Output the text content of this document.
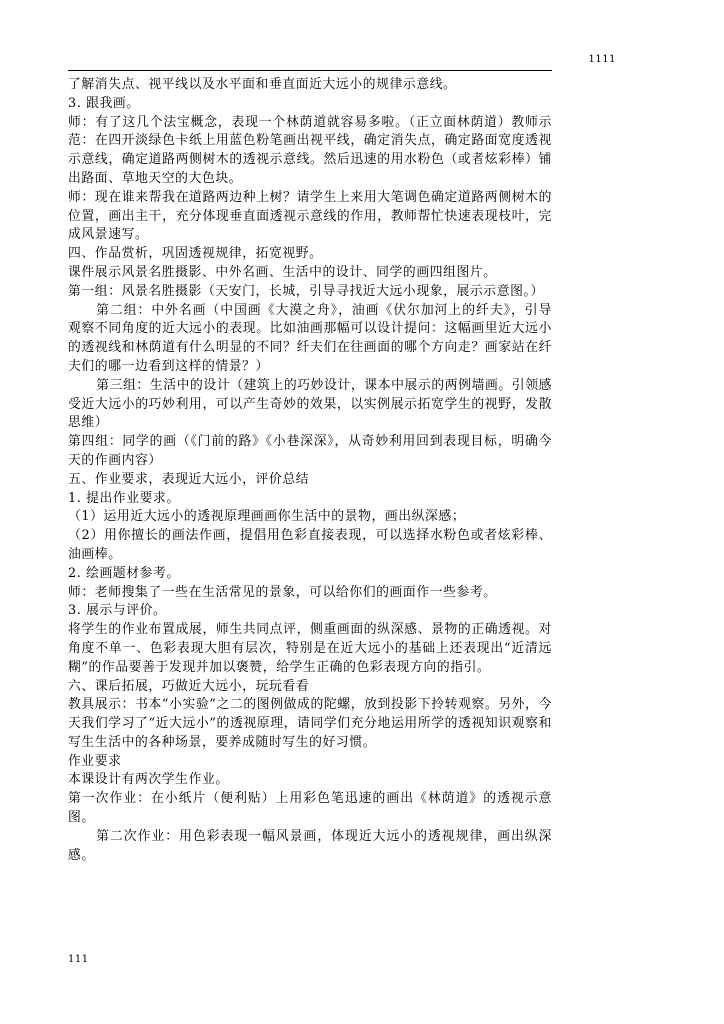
1111

了解消失点、视平线以及水平面和垂直面近大远小的规律示意线。

3. 跟我画。

师：有了这几个法宝概念，表现一个林荫道就容易多啦。（正立面林荫道）教师示范：在四开淡绿色卡纸上用蓝色粉笔画出视平线，确定消失点，确定路面宽度透视示意线，确定道路两侧树木的透视示意线。然后迅速的用水粉色（或者炫彩棒）铺出路面、草地天空的大色块。

师：现在谁来帮我在道路两边种上树？请学生上来用大笔调色确定道路两侧树木的位置，画出主干，充分体现垂直面透视示意线的作用，教师帮忙快速表现枝叶，完成风景速写。

四、作品赏析，巩固透视规律，拓宽视野。

课件展示风景名胜摄影、中外名画、生活中的设计、同学的画四组图片。

第一组：风景名胜摄影（天安门，长城，引导寻找近大远小现象，展示示意图。）

第二组：中外名画（中国画《大漠之舟》，油画《伏尔加河上的纤夫》，引导观察不同角度的近大远小的表现。比如油画那幅可以设计提问：这幅画里近大远小的透视线和林荫道有什么明显的不同？纤夫们在往画面的哪个方向走？画家站在纤夫们的哪一边看到这样的情景？）

第三组：生活中的设计（建筑上的巧妙设计，课本中展示的两例墙画。引领感受近大远小的巧妙利用，可以产生奇妙的效果，以实例展示拓宽学生的视野，发散思维）

第四组：同学的画（《门前的路》《小巷深深》，从奇妙利用回到表现目标，明确今天的作画内容）

五、作业要求，表现近大远小，评价总结

1. 提出作业要求。

（1）运用近大远小的透视原理画画你生活中的景物，画出纵深感；

（2）用你擅长的画法作画，提倡用色彩直接表现，可以选择水粉色或者炫彩棒、油画棒。

2. 绘画题材参考。

师：老师搜集了一些在生活常见的景象，可以给你们的画面作一些参考。

3. 展示与评价。

将学生的作业布置成展，师生共同点评，侧重画面的纵深感、景物的正确透视。对角度不单一、色彩表现大胆有层次，特别是在近大远小的基础上还表现出“近清远糊”的作品要善于发现并加以褒赞，给学生正确的色彩表现方向的指引。

六、课后拓展，巧做近大远小，玩玩看看

教具展示：书本“小实验”之二的图例做成的陀螺，放到投影下拎转观察。另外，今天我们学习了“近大远小”的透视原理，请同学们充分地运用所学的透视知识观察和写生生活中的各种场景，要养成随时写生的好习惯。

作业要求

本课设计有两次学生作业。

第一次作业：在小纸片（便利贴）上用彩色笔迅速的画出《林荫道》的透视示意图。

第二次作业：用色彩表现一幅风景画，体现近大远小的透视规律，画出纵深感。

111
